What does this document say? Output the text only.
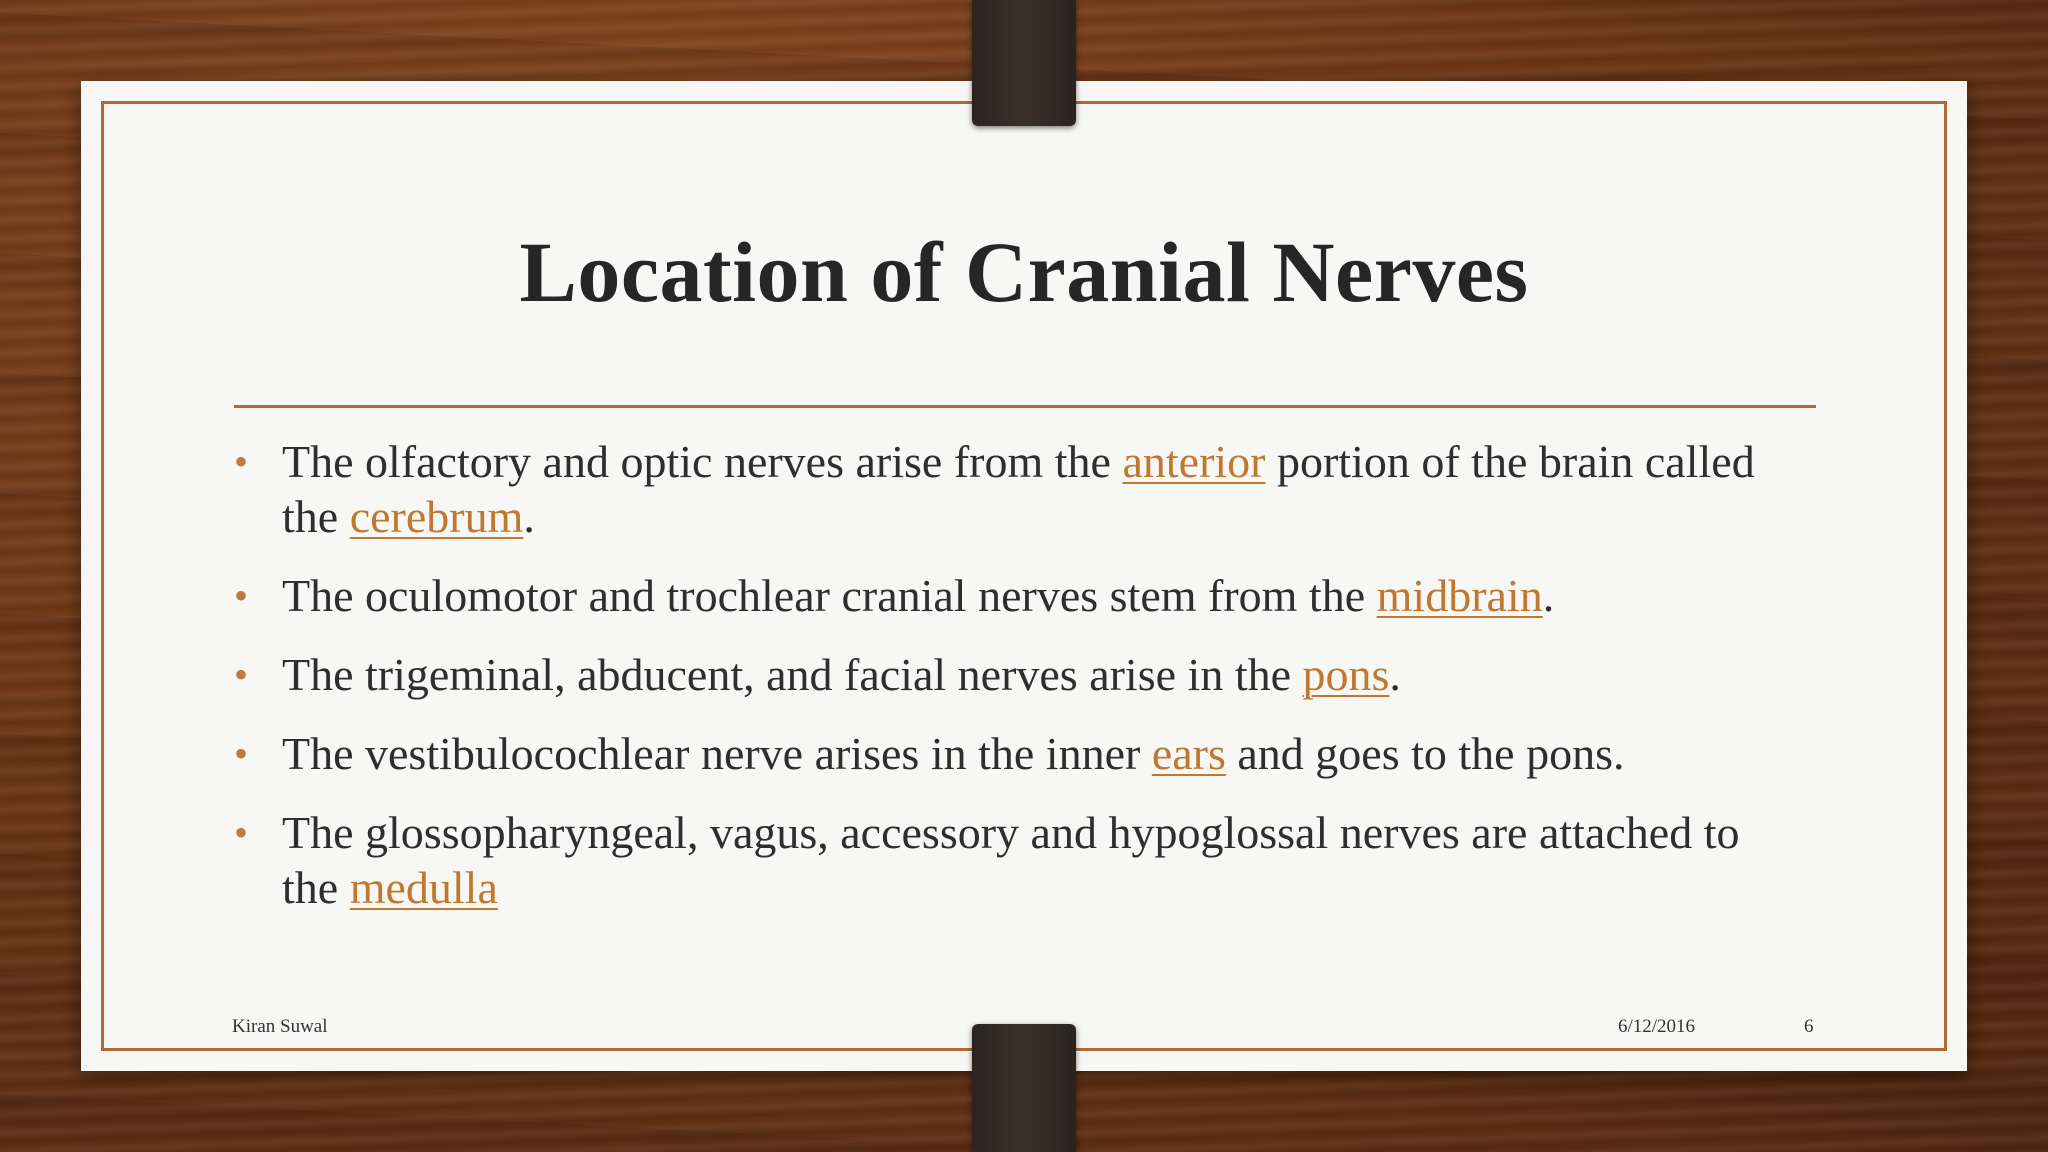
Location of Cranial Nerves
• The olfactory and optic nerves arise from the anterior portion of the brain called the cerebrum.
• The oculomotor and trochlear cranial nerves stem from the midbrain.
• The trigeminal, abducent, and facial nerves arise in the pons.
• The vestibulocochlear nerve arises in the inner ears and goes to the pons.
• The glossopharyngeal, vagus, accessory and hypoglossal nerves are attached to the medulla
Kiran Suwal	6/12/2016	6
